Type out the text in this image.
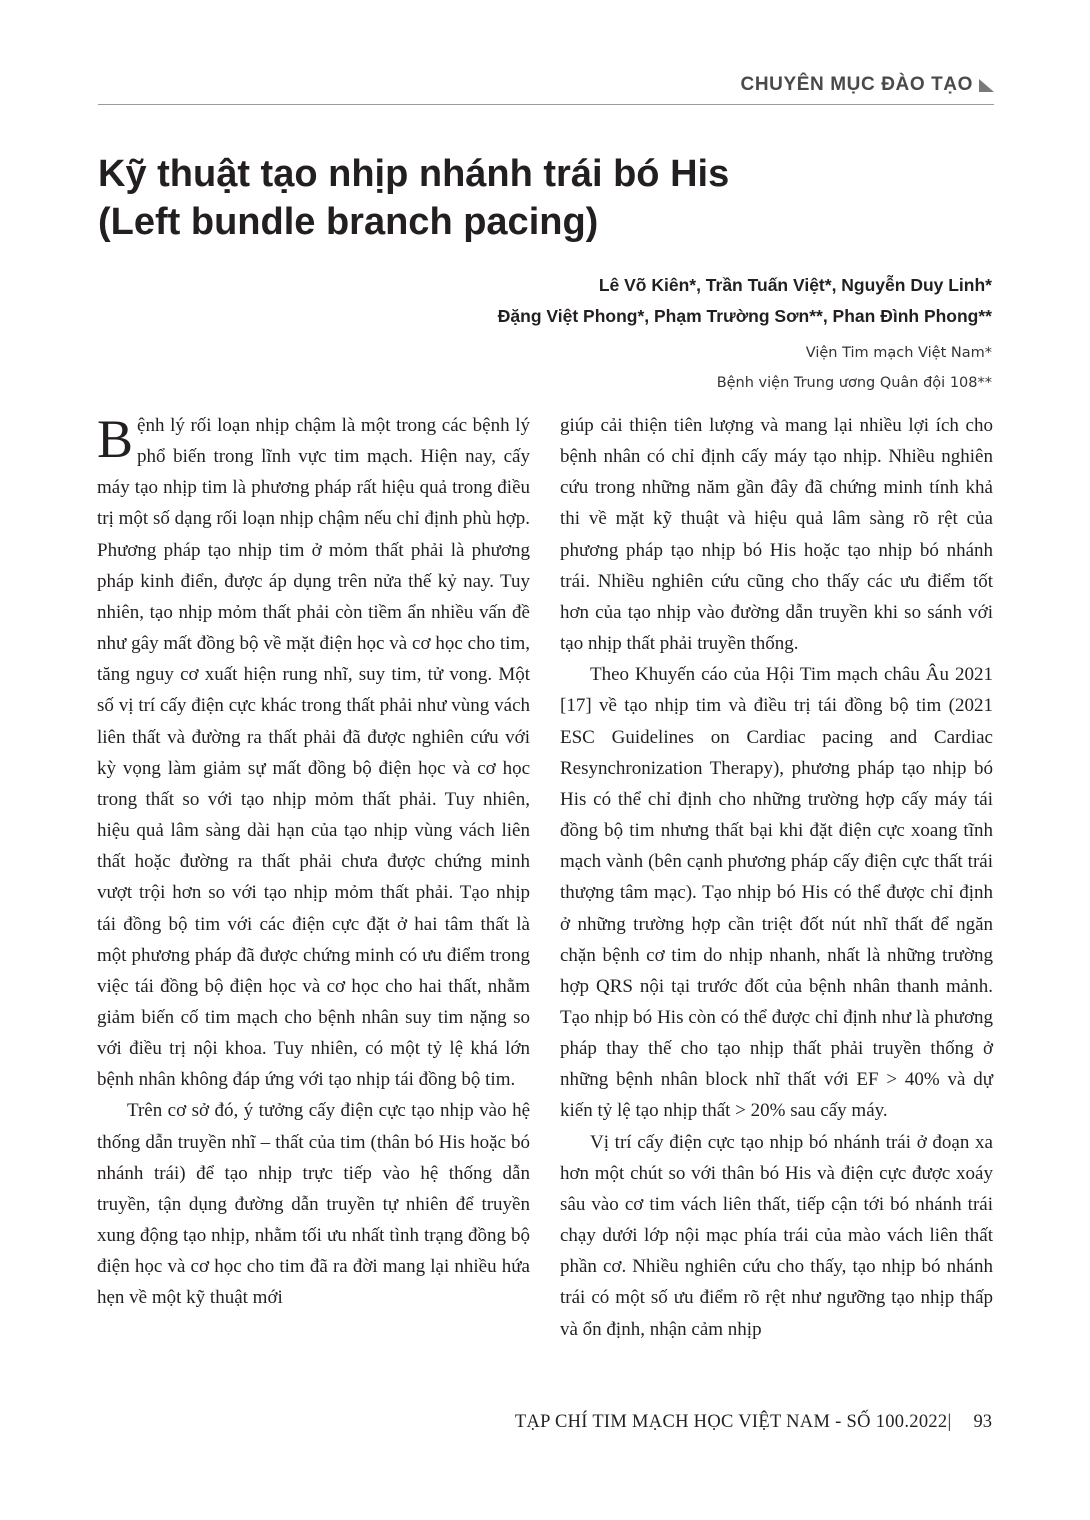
CHUYÊN MỤC ĐÀO TẠO
Kỹ thuật tạo nhịp nhánh trái bó His
(Left bundle branch pacing)
Lê Võ Kiên*, Trần Tuấn Việt*, Nguyễn Duy Linh*
Đặng Việt Phong*, Phạm Trường Sơn**, Phan Đình Phong**
Viện Tim mạch Việt Nam*
Bệnh viện Trung ương Quân đội 108**

Bệnh lý rối loạn nhịp chậm là một trong các bệnh lý phổ biến trong lĩnh vực tim mạch. Hiện nay, cấy máy tạo nhịp tim là phương pháp rất hiệu quả trong điều trị một số dạng rối loạn nhịp chậm nếu chỉ định phù hợp. Phương pháp tạo nhịp tim ở mỏm thất phải là phương pháp kinh điển, được áp dụng trên nửa thế kỷ nay. Tuy nhiên, tạo nhịp mỏm thất phải còn tiềm ẩn nhiều vấn đề như gây mất đồng bộ về mặt điện học và cơ học cho tim, tăng nguy cơ xuất hiện rung nhĩ, suy tim, tử vong. Một số vị trí cấy điện cực khác trong thất phải như vùng vách liên thất và đường ra thất phải đã được nghiên cứu với kỳ vọng làm giảm sự mất đồng bộ điện học và cơ học trong thất so với tạo nhịp mỏm thất phải. Tuy nhiên, hiệu quả lâm sàng dài hạn của tạo nhịp vùng vách liên thất hoặc đường ra thất phải chưa được chứng minh vượt trội hơn so với tạo nhịp mỏm thất phải. Tạo nhịp tái đồng bộ tim với các điện cực đặt ở hai tâm thất là một phương pháp đã được chứng minh có ưu điểm trong việc tái đồng bộ điện học và cơ học cho hai thất, nhằm giảm biến cố tim mạch cho bệnh nhân suy tim nặng so với điều trị nội khoa. Tuy nhiên, có một tỷ lệ khá lớn bệnh nhân không đáp ứng với tạo nhịp tái đồng bộ tim.

Trên cơ sở đó, ý tưởng cấy điện cực tạo nhịp vào hệ thống dẫn truyền nhĩ – thất của tim (thân bó His hoặc bó nhánh trái) để tạo nhịp trực tiếp vào hệ thống dẫn truyền, tận dụng đường dẫn truyền tự nhiên để truyền xung động tạo nhịp, nhằm tối ưu nhất tình trạng đồng bộ điện học và cơ học cho tim đã ra đời mang lại nhiều hứa hẹn về một kỹ thuật mới

giúp cải thiện tiên lượng và mang lại nhiều lợi ích cho bệnh nhân có chỉ định cấy máy tạo nhịp. Nhiều nghiên cứu trong những năm gần đây đã chứng minh tính khả thi về mặt kỹ thuật và hiệu quả lâm sàng rõ rệt của phương pháp tạo nhịp bó His hoặc tạo nhịp bó nhánh trái. Nhiều nghiên cứu cũng cho thấy các ưu điểm tốt hơn của tạo nhịp vào đường dẫn truyền khi so sánh với tạo nhịp thất phải truyền thống.

Theo Khuyến cáo của Hội Tim mạch châu Âu 2021 [17] về tạo nhịp tim và điều trị tái đồng bộ tim (2021 ESC Guidelines on Cardiac pacing and Cardiac Resynchronization Therapy), phương pháp tạo nhịp bó His có thể chỉ định cho những trường hợp cấy máy tái đồng bộ tim nhưng thất bại khi đặt điện cực xoang tĩnh mạch vành (bên cạnh phương pháp cấy điện cực thất trái thượng tâm mạc). Tạo nhịp bó His có thể được chỉ định ở những trường hợp cần triệt đốt nút nhĩ thất để ngăn chặn bệnh cơ tim do nhịp nhanh, nhất là những trường hợp QRS nội tại trước đốt của bệnh nhân thanh mảnh. Tạo nhịp bó His còn có thể được chỉ định như là phương pháp thay thế cho tạo nhịp thất phải truyền thống ở những bệnh nhân block nhĩ thất với EF > 40% và dự kiến tỷ lệ tạo nhịp thất > 20% sau cấy máy.

Vị trí cấy điện cực tạo nhịp bó nhánh trái ở đoạn xa hơn một chút so với thân bó His và điện cực được xoáy sâu vào cơ tim vách liên thất, tiếp cận tới bó nhánh trái chạy dưới lớp nội mạc phía trái của mào vách liên thất phần cơ. Nhiều nghiên cứu cho thấy, tạo nhịp bó nhánh trái có một số ưu điểm rõ rệt như ngưỡng tạo nhịp thấp và ổn định, nhận cảm nhịp

TẠP CHÍ TIM MẠCH HỌC VIỆT NAM - SỐ 100.2022| 93
